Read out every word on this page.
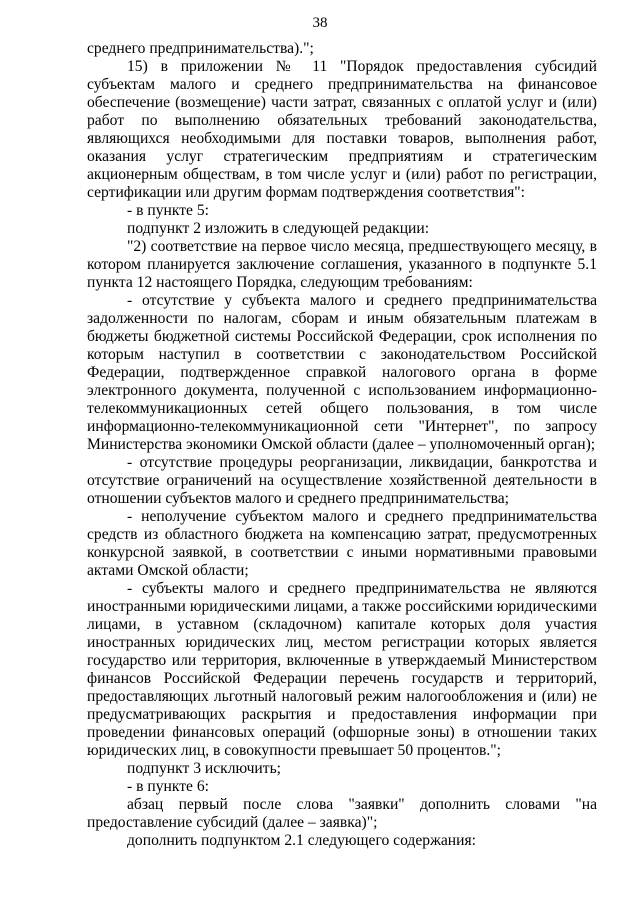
38

среднего предпринимательства).";

15) в приложении № 11 "Порядок предоставления субсидий субъектам малого и среднего предпринимательства на финансовое обеспечение (возмещение) части затрат, связанных с оплатой услуг и (или) работ по выполнению обязательных требований законодательства, являющихся необходимыми для поставки товаров, выполнения работ, оказания услуг стратегическим предприятиям и стратегическим акционерным обществам, в том числе услуг и (или) работ по регистрации, сертификации или другим формам подтверждения соответствия":

- в пункте 5:

подпункт 2 изложить в следующей редакции:

"2) соответствие на первое число месяца, предшествующего месяцу, в котором планируется заключение соглашения, указанного в подпункте 5.1 пункта 12 настоящего Порядка, следующим требованиям:

- отсутствие у субъекта малого и среднего предпринимательства задолженности по налогам, сборам и иным обязательным платежам в бюджеты бюджетной системы Российской Федерации, срок исполнения по которым наступил в соответствии с законодательством Российской Федерации, подтвержденное справкой налогового органа в форме электронного документа, полученной с использованием информационно-телекоммуникационных сетей общего пользования, в том числе информационно-телекоммуникационной сети "Интернет", по запросу Министерства экономики Омской области (далее – уполномоченный орган);

- отсутствие процедуры реорганизации, ликвидации, банкротства и отсутствие ограничений на осуществление хозяйственной деятельности в отношении субъектов малого и среднего предпринимательства;

- неполучение субъектом малого и среднего предпринимательства средств из областного бюджета на компенсацию затрат, предусмотренных конкурсной заявкой, в соответствии с иными нормативными правовыми актами Омской области;

- субъекты малого и среднего предпринимательства не являются иностранными юридическими лицами, а также российскими юридическими лицами, в уставном (складочном) капитале которых доля участия иностранных юридических лиц, местом регистрации которых является государство или территория, включенные в утверждаемый Министерством финансов Российской Федерации перечень государств и территорий, предоставляющих льготный налоговый режим налогообложения и (или) не предусматривающих раскрытия и предоставления информации при проведении финансовых операций (офшорные зоны) в отношении таких юридических лиц, в совокупности превышает 50 процентов.";

подпункт 3 исключить;

- в пункте 6:

абзац первый после слова "заявки" дополнить словами "на предоставление субсидий (далее – заявка)";

дополнить подпунктом 2.1 следующего содержания:
